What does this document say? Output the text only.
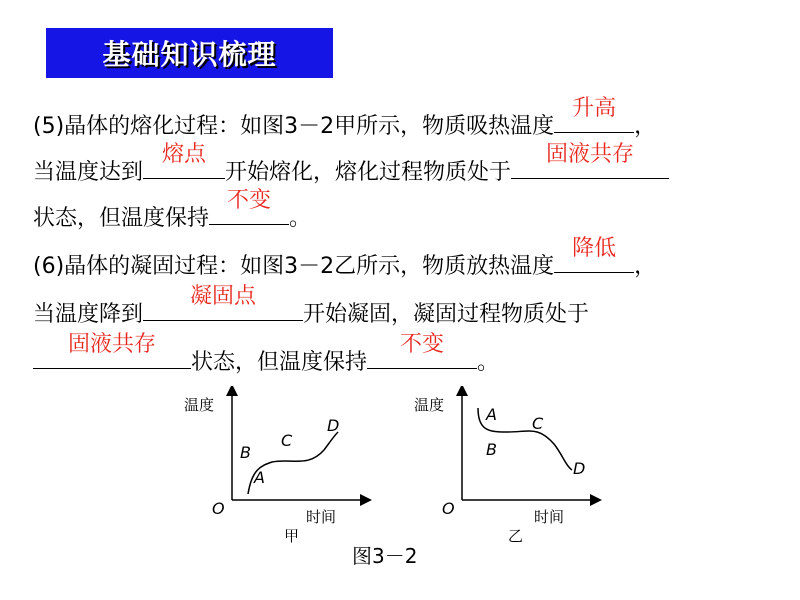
基础知识梳理
(5)晶体的熔化过程：如图3－2甲所示，物质吸热温度
升高
，
当温度达到
熔点
开始熔化，熔化过程物质处于
固液共存
状态，但温度保持
不变
。
(6)晶体的凝固过程：如图3－2乙所示，物质放热温度
降低
，
当温度降到
凝固点
开始凝固，凝固过程物质处于
固液共存
状态，但温度保持
不变
。
温度
时间
O
A
B
C
D
甲
温度
时间
O
A
B
C
D
乙
图3－2
